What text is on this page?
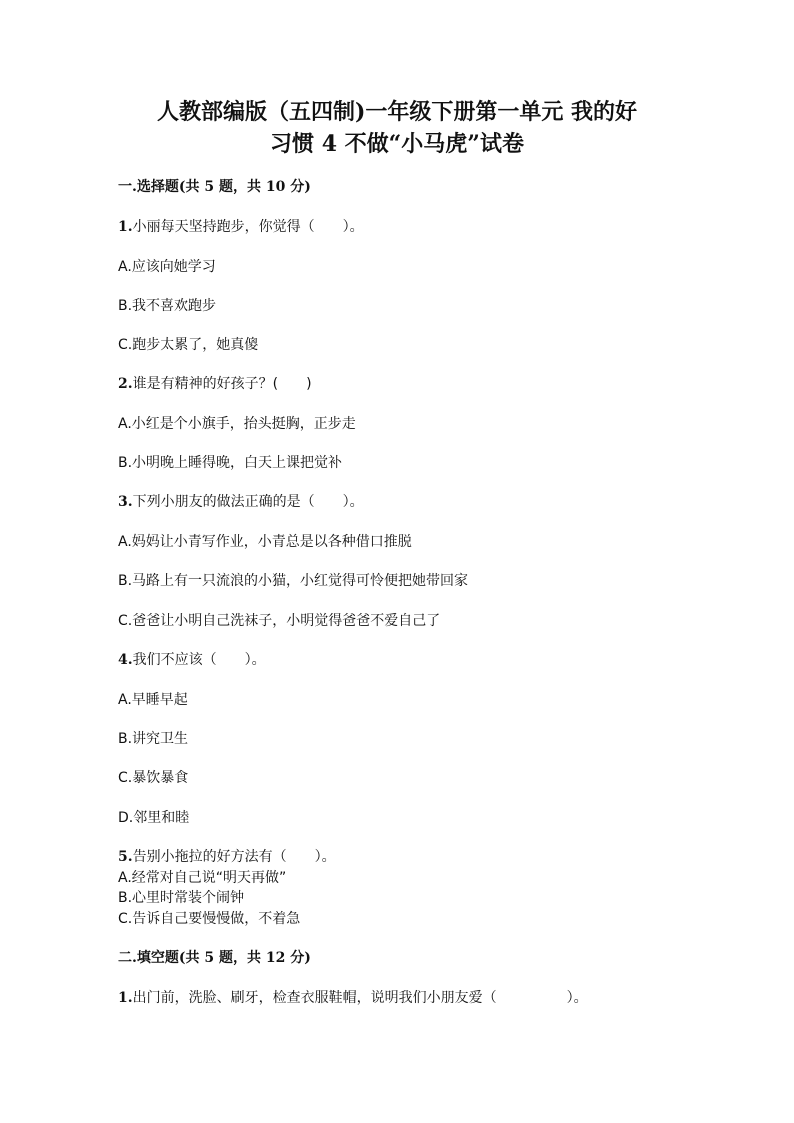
人教部编版（五四制)一年级下册第一单元 我的好
习惯 4 不做“小马虎”试卷
一.选择题(共 5 题，共 10 分)
1.小丽每天坚持跑步，你觉得（　　）。
A.应该向她学习
B.我不喜欢跑步
C.跑步太累了，她真傻
2.谁是有精神的好孩子？(　　)
A.小红是个小旗手，抬头挺胸，正步走
B.小明晚上睡得晚，白天上课把觉补
3.下列小朋友的做法正确的是（　　）。
A.妈妈让小青写作业，小青总是以各种借口推脱
B.马路上有一只流浪的小猫，小红觉得可怜便把她带回家
C.爸爸让小明自己洗袜子，小明觉得爸爸不爱自己了
4.我们不应该（　　）。
A.早睡早起
B.讲究卫生
C.暴饮暴食
D.邻里和睦
5.告别小拖拉的好方法有（　　）。
A.经常对自己说“明天再做”
B.心里时常装个闹钟
C.告诉自己要慢慢做，不着急
二.填空题(共 5 题，共 12 分)
1.出门前，洗脸、刷牙，检查衣服鞋帽，说明我们小朋友爱（　　　　　）。
